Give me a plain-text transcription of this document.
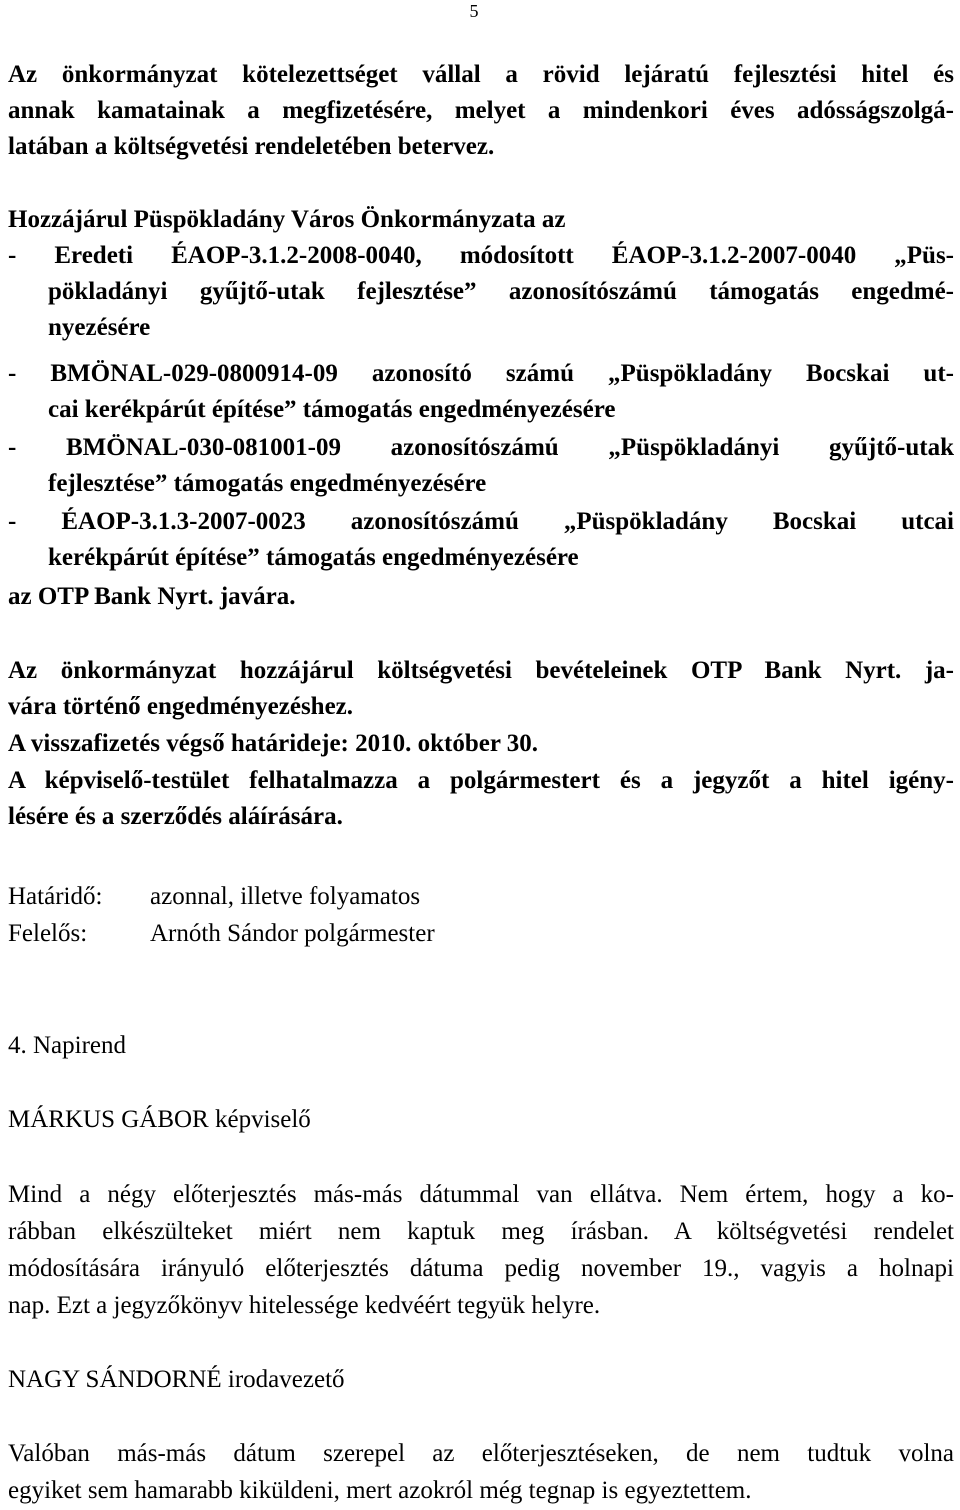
5
Az önkormányzat kötelezettséget vállal a rövid lejáratú fejlesztési hitel és
annak kamatainak a megfizetésére, melyet a mindenkori éves adósságszolgá-
latában a költségvetési rendeletében betervez.
Hozzájárul Püspökladány Város Önkormányzata az
- Eredeti ÉAOP-3.1.2-2008-0040, módosított ÉAOP-3.1.2-2007-0040 „Püs-
pökladányi gyűjtő-utak fejlesztése” azonosítószámú támogatás engedmé-
nyezésére
- BMÖNAL-029-0800914-09 azonosító számú „Püspökladány Bocskai ut-
cai kerékpárút építése” támogatás engedményezésére
- BMÖNAL-030-081001-09 azonosítószámú „Püspökladányi gyűjtő-utak
fejlesztése” támogatás engedményezésére
- ÉAOP-3.1.3-2007-0023 azonosítószámú „Püspökladány Bocskai utcai
kerékpárút építése” támogatás engedményezésére
az OTP Bank Nyrt. javára.
Az önkormányzat hozzájárul költségvetési bevételeinek OTP Bank Nyrt. ja-
vára történő engedményezéshez.
A visszafizetés végső határideje: 2010. október 30.
A képviselő-testület felhatalmazza a polgármestert és a jegyzőt a hitel igény-
lésére és a szerződés aláírására.
Határidő: azonnal, illetve folyamatos
Felelős:	Arnóth Sándor polgármester
4. Napirend
MÁRKUS GÁBOR képviselő
Mind a négy előterjesztés más-más dátummal van ellátva. Nem értem, hogy a ko-
rábban elkészülteket miért nem kaptuk meg írásban. A költségvetési rendelet
módosítására irányuló előterjesztés dátuma pedig november 19., vagyis a holnapi
nap. Ezt a jegyzőkönyv hitelessége kedvéért tegyük helyre.
NAGY SÁNDORNÉ irodavezető
Valóban más-más dátum szerepel az előterjesztéseken, de nem tudtuk volna
egyiket sem hamarabb kiküldeni, mert azokról még tegnap is egyeztettem.
